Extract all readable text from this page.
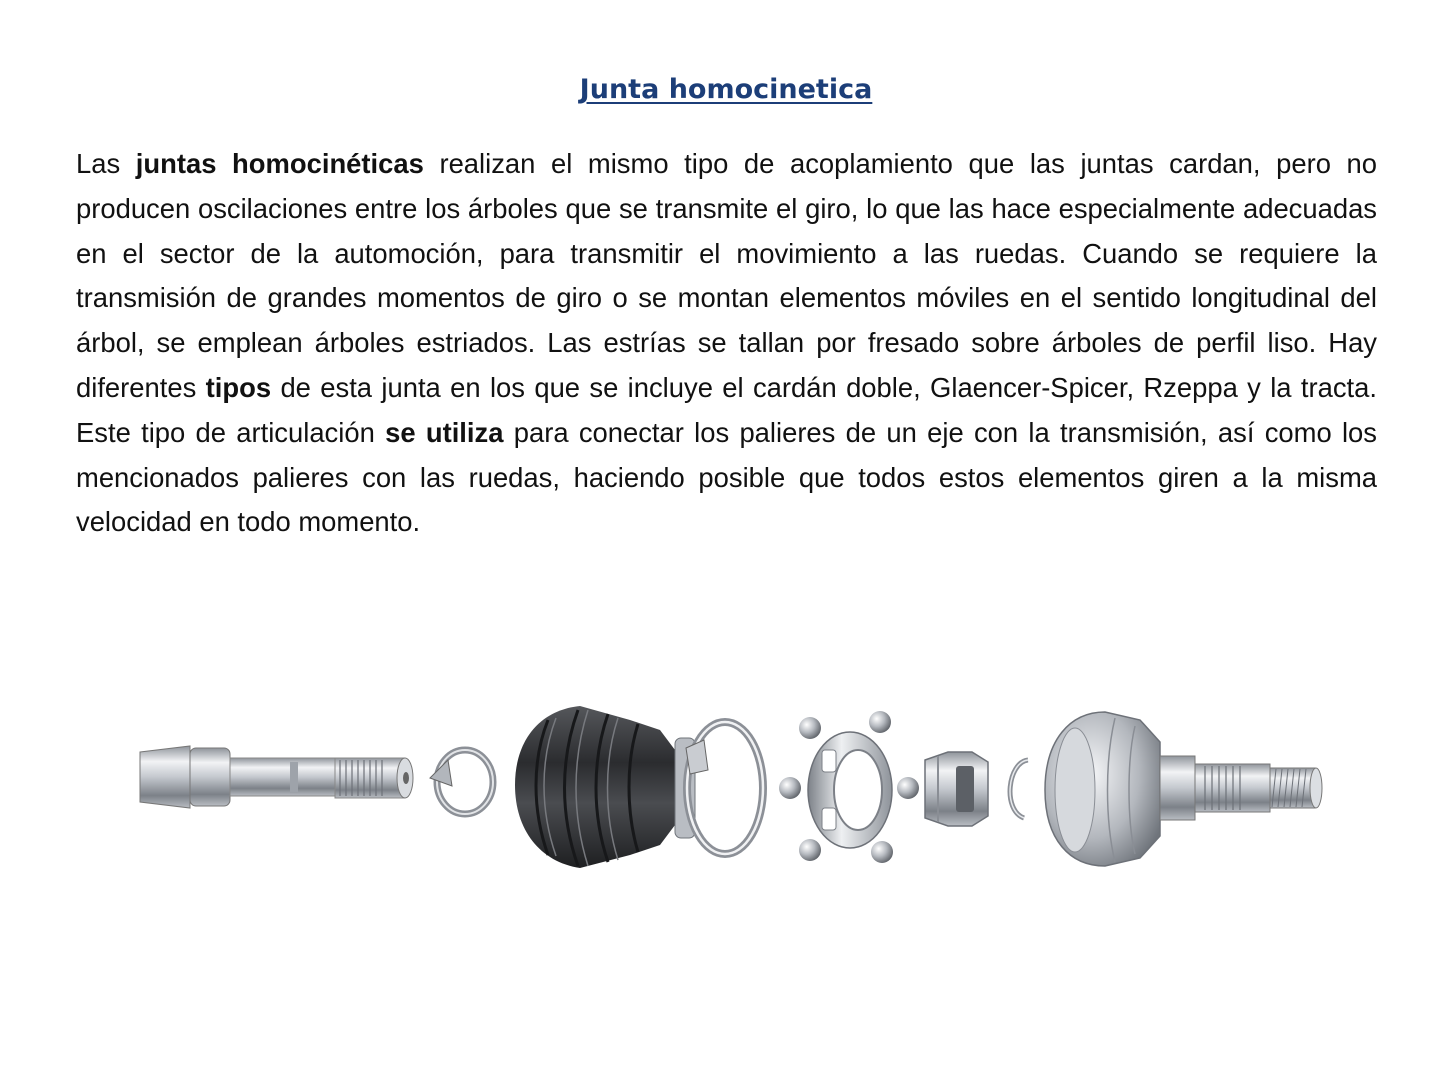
Junta homocinetica

Las juntas homocinéticas realizan el mismo tipo de acoplamiento que las juntas cardan, pero no producen oscilaciones entre los árboles que se transmite el giro, lo que las hace especialmente adecuadas en el sector de la automoción, para transmitir el movimiento a las ruedas. Cuando se requiere la transmisión de grandes momentos de giro o se montan elementos móviles en el sentido longitudinal del árbol, se emplean árboles estriados. Las estrías se tallan por fresado sobre árboles de perfil liso. Hay diferentes tipos de esta junta en los que se incluye el cardán doble, Glaencer-Spicer, Rzeppa y la tracta. Este tipo de articulación se utiliza para conectar los palieres de un eje con la transmisión, así como los mencionados palieres con las ruedas, haciendo posible que todos estos elementos giren a la misma velocidad en todo momento.
